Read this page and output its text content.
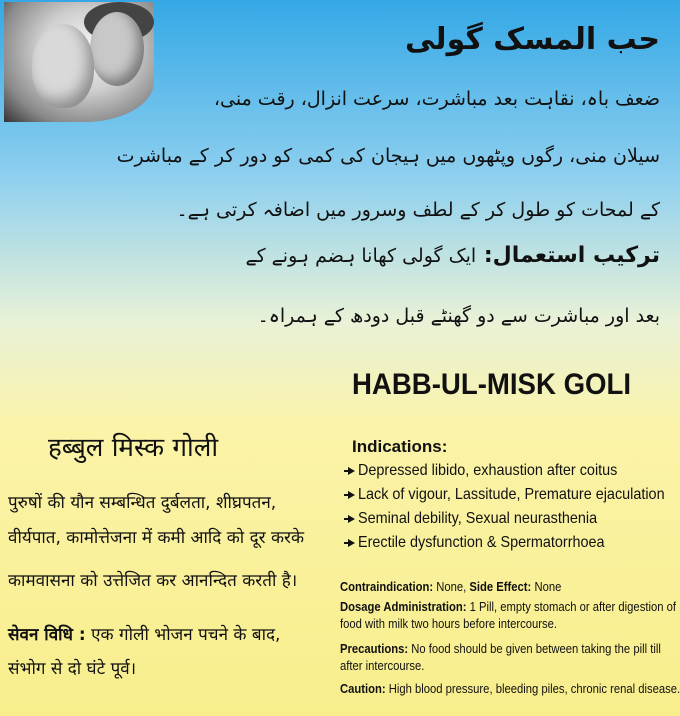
حب المسک گولی
ضعف باہ، نقاہت بعد مباشرت، سرعت انزال، رقت منی،
سیلان منی، رگوں وپٹھوں میں ہیجان کی کمی کو دور کر کے مباشرت
کے لمحات کو طول کر کے لطف وسرور میں اضافہ کرتی ہے۔
ترکیب استعمال: ایک گولی کھانا ہضم ہونے کے
بعد اور مباشرت سے دو گھنٹے قبل دودھ کے ہمراہ۔
HABB-UL-MISK GOLI
हब्बुल मिस्क गोली
पुरुषों की यौन सम्बन्धित दुर्बलता, शीघ्रपतन,
वीर्यपात, कामोत्तेजना में कमी आदि को दूर करके
कामवासना को उत्तेजित कर आनन्दित करती है।
सेवन विधि : एक गोली भोजन पचने के बाद,
संभोग से दो घंटे पूर्व।
Indications:
Depressed libido, exhaustion after coitus
Lack of vigour, Lassitude, Premature ejaculation
Seminal debility, Sexual neurasthenia
Erectile dysfunction & Spermatorrhoea
Contraindication: None, Side Effect: None
Dosage Administration: 1 Pill, empty stomach or after digestion of
food with milk two hours before intercourse.
Precautions: No food should be given between taking the pill till
after intercourse.
Caution: High blood pressure, bleeding piles, chronic renal disease.
